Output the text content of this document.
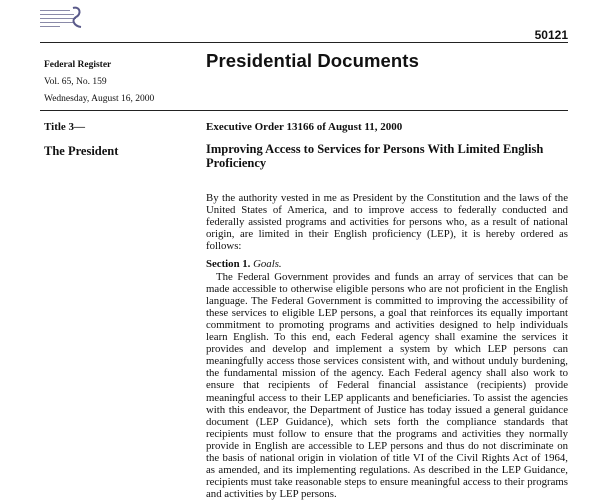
50121
Federal Register
Vol. 65, No. 159
Wednesday, August 16, 2000
Presidential Documents
Title 3—
The President
Executive Order 13166 of August 11, 2000
Improving Access to Services for Persons With Limited English Proficiency

By the authority vested in me as President by the Constitution and the laws of the United States of America, and to improve access to federally conducted and federally assisted programs and activities for persons who, as a result of national origin, are limited in their English proficiency (LEP), it is hereby ordered as follows:

Section 1. Goals.

The Federal Government provides and funds an array of services that can be made accessible to otherwise eligible persons who are not proficient in the English language. The Federal Government is committed to improving the accessibility of these services to eligible LEP persons, a goal that reinforces its equally important commitment to promoting programs and activities designed to help individuals learn English. To this end, each Federal agency shall examine the services it provides and develop and implement a system by which LEP persons can meaningfully access those services consistent with, and without unduly burdening, the fundamental mission of the agency. Each Federal agency shall also work to ensure that recipients of Federal financial assistance (recipients) provide meaningful access to their LEP applicants and beneficiaries. To assist the agencies with this endeavor, the Department of Justice has today issued a general guidance document (LEP Guidance), which sets forth the compliance standards that recipients must follow to ensure that the programs and activities they normally provide in English are accessible to LEP persons and thus do not discriminate on the basis of national origin in violation of title VI of the Civil Rights Act of 1964, as amended, and its implementing regulations. As described in the LEP Guidance, recipients must take reasonable steps to ensure meaningful access to their programs and activities by LEP persons.
